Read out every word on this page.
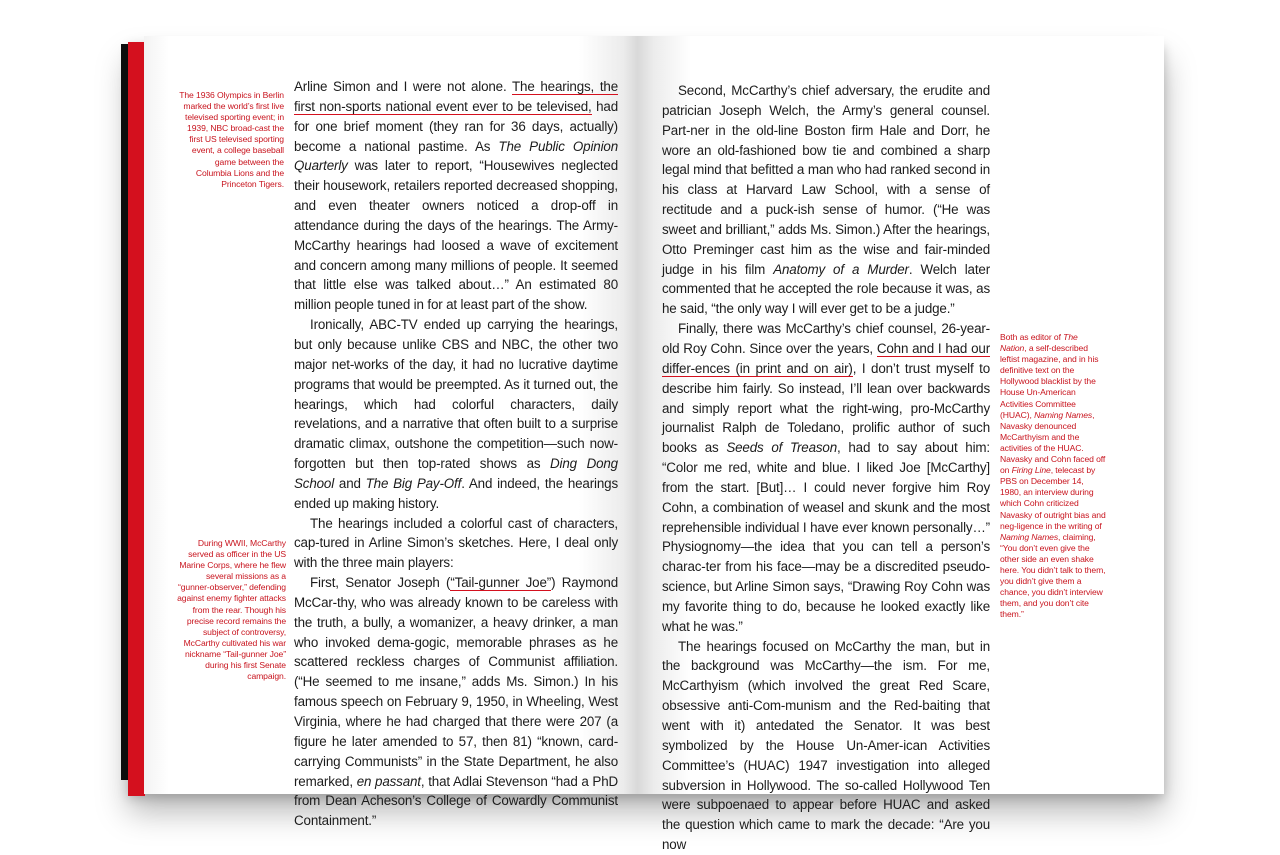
The 1936 Olympics in Berlin marked the world’s first live televised sporting event; in 1939, NBC broad-cast the first US televised sporting event, a college baseball game between the Columbia Lions and the Princeton Tigers.
During WWII, McCarthy served as officer in the US Marine Corps, where he flew several missions as a “gunner-observer,” defending against enemy fighter attacks from the rear. Though his precise record remains the subject of controversy, McCarthy cultivated his war nickname “Tail-gunner Joe” during his first Senate campaign.

Arline Simon and I were not alone. The hearings, the first non-sports national event ever to be televised, had for one brief moment (they ran for 36 days, actually) become a national pastime. As The Public Opinion Quarterly was later to report, “Housewives neglected their housework, retailers reported decreased shopping, and even theater owners noticed a drop-off in attendance during the days of the hearings. The Army-McCarthy hearings had loosed a wave of excitement and concern among many millions of people. It seemed that little else was talked about…” An estimated 80 million people tuned in for at least part of the show.

Ironically, ABC-TV ended up carrying the hearings, but only because unlike CBS and NBC, the other two major net-works of the day, it had no lucrative daytime programs that would be preempted. As it turned out, the hearings, which had colorful characters, daily revelations, and a narrative that often built to a surprise dramatic climax, outshone the competition—such now-forgotten but then top-rated shows as Ding Dong School and The Big Pay-Off. And indeed, the hearings ended up making history.

The hearings included a colorful cast of characters, cap-tured in Arline Simon’s sketches. Here, I deal only with the three main players:

First, Senator Joseph (“Tail-gunner Joe”) Raymond McCar-thy, who was already known to be careless with the truth, a bully, a womanizer, a heavy drinker, a man who invoked dema-gogic, memorable phrases as he scattered reckless charges of Communist affiliation. (“He seemed to me insane,” adds Ms. Simon.) In his famous speech on February 9, 1950, in Wheeling, West Virginia, where he had charged that there were 207 (a figure he later amended to 57, then 81) “known, card-carrying Communists” in the State Department, he also remarked, en passant, that Adlai Stevenson “had a PhD from Dean Acheson’s College of Cowardly Communist Containment.”

Second, McCarthy’s chief adversary, the erudite and patrician Joseph Welch, the Army’s general counsel. Part-ner in the old-line Boston firm Hale and Dorr, he wore an old-fashioned bow tie and combined a sharp legal mind that befitted a man who had ranked second in his class at Harvard Law School, with a sense of rectitude and a puck-ish sense of humor. (“He was sweet and brilliant,” adds Ms. Simon.) After the hearings, Otto Preminger cast him as the wise and fair-minded judge in his film Anatomy of a Murder. Welch later commented that he accepted the role because it was, as he said, “the only way I will ever get to be a judge.”

Finally, there was McCarthy’s chief counsel, 26-year-old Roy Cohn. Since over the years, Cohn and I had our differ-ences (in print and on air), I don’t trust myself to describe him fairly. So instead, I’ll lean over backwards and simply report what the right-wing, pro-McCarthy journalist Ralph de Toledano, prolific author of such books as Seeds of Treason, had to say about him: “Color me red, white and blue. I liked Joe [McCarthy] from the start. [But]… I could never forgive him Roy Cohn, a combination of weasel and skunk and the most reprehensible individual I have ever known personally…” Physiognomy—the idea that you can tell a person’s charac-ter from his face—may be a discredited pseudo-science, but Arline Simon says, “Drawing Roy Cohn was my favorite thing to do, because he looked exactly like what he was.”

The hearings focused on McCarthy the man, but in the background was McCarthy—the ism. For me, McCarthyism (which involved the great Red Scare, obsessive anti-Com-munism and the Red-baiting that went with it) antedated the Senator. It was best symbolized by the House Un-Amer-ican Activities Committee’s (HUAC) 1947 investigation into alleged subversion in Hollywood. The so-called Hollywood Ten were subpoenaed to appear before HUAC and asked the question which came to mark the decade: “Are you now

Both as editor of The Nation, a self-described leftist magazine, and in his definitive text on the Hollywood blacklist by the House Un-American Activities Committee (HUAC), Naming Names, Navasky denounced McCarthyism and the activities of the HUAC. Navasky and Cohn faced off on Firing Line, telecast by PBS on December 14, 1980, an interview during which Cohn criticized Navasky of outright bias and neg-ligence in the writing of Naming Names, claiming, “You don’t even give the other side an even shake here. You didn’t talk to them, you didn’t give them a chance, you didn’t interview them, and you don’t cite them.”
